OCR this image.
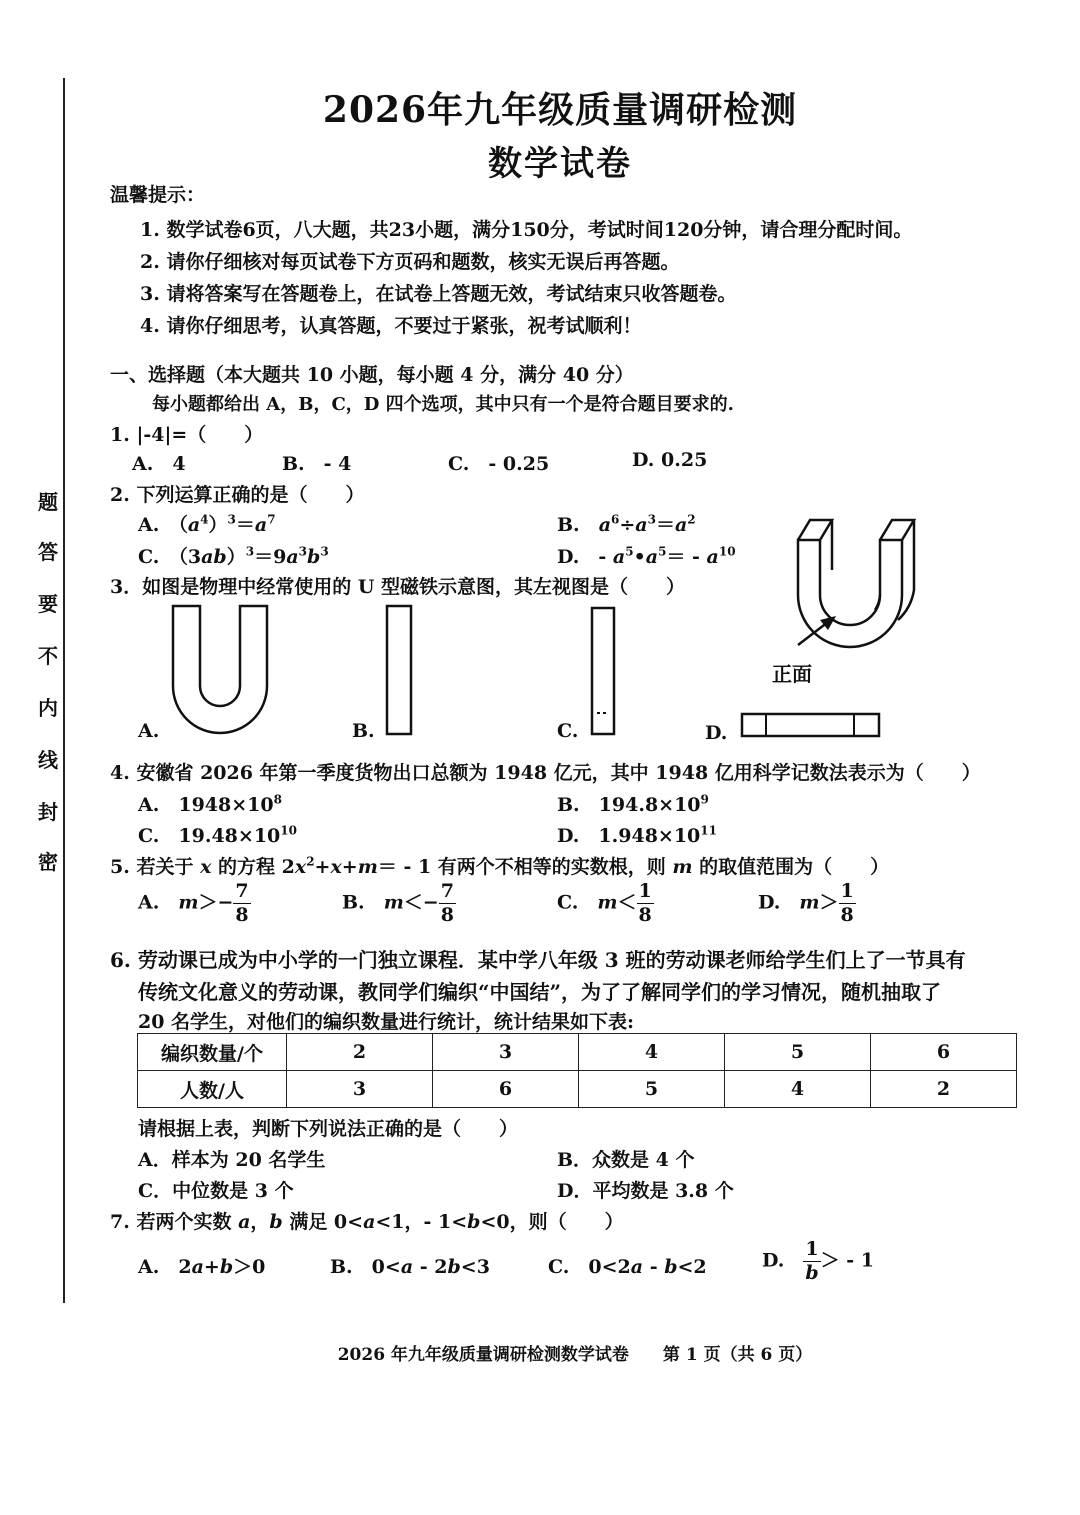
题
答
要
不
内
线
封
密
2026年九年级质量调研检测
数学试卷
温馨提示：
1. 数学试卷6页，八大题，共23小题，满分150分，考试时间120分钟，请合理分配时间。
2. 请你仔细核对每页试卷下方页码和题数，核实无误后再答题。
3. 请将答案写在答题卷上，在试卷上答题无效，考试结束只收答题卷。
4. 请你仔细思考，认真答题，不要过于紧张，祝考试顺利！
一、选择题（本大题共 10 小题，每小题 4 分，满分 40 分）
每小题都给出 A，B，C，D 四个选项，其中只有一个是符合题目要求的.
1. |-4|=（　　）
A.　4	B.　- 4	C.　- 0.25	D. 0.25
2. 下列运算正确的是（　　）
A.　$(a^4)^3=a^7$	B.　$a^6\div a^3=a^2$
C.　$(3ab)^3=9a^3b^3$	D.　- $a^5•a^5= - a^{10}$
3．如图是物理中经常使用的 U 型磁铁示意图，其左视图是（　　）
正面
A.	B.	C.	D.
4. 安徽省 2026 年第一季度货物出口总额为 1948 亿元，其中 1948 亿用科学记数法表示为（　　）
A.　$1948\times 10^8$	B.　$194.8\times 10^9$
C.　$19.48\times 10^{10}$	D.　$1.948\times 10^{11}$
5. 若关于 x 的方程 $2x^2+x+m= - 1$ 有两个不相等的实数根，则 m 的取值范围为（　　）
A.　$m>- \frac{7}{8}$	B.　$m<- \frac{7}{8}$	C.　$m< \frac{1}{8}$	D.　$m> \frac{1}{8}$
6. 劳动课已成为中小学的一门独立课程．某中学八年级 3 班的劳动课老师给学生们上了一节具有
传统文化意义的劳动课，教同学们编织“中国结”，为了了解同学们的学习情况，随机抽取了
20 名学生，对他们的编织数量进行统计，统计结果如下表:
编织数量/个	2	3	4	5	6
人数/人	3	6	5	4	2
请根据上表，判断下列说法正确的是（　　）
A．样本为 20 名学生	B．众数是 4 个
C．中位数是 3 个	D．平均数是 3.8 个
7. 若两个实数 a，b 满足 0<a<1，- 1<b<0，则（　　）
A.　2a+b＞0	B.　0<a - 2b<3	C.　0<2a - b<2	D.　 $\frac{1}{b}$ ＞ - 1
2026 年九年级质量调研检测数学试卷　　第 1 页（共 6 页）
